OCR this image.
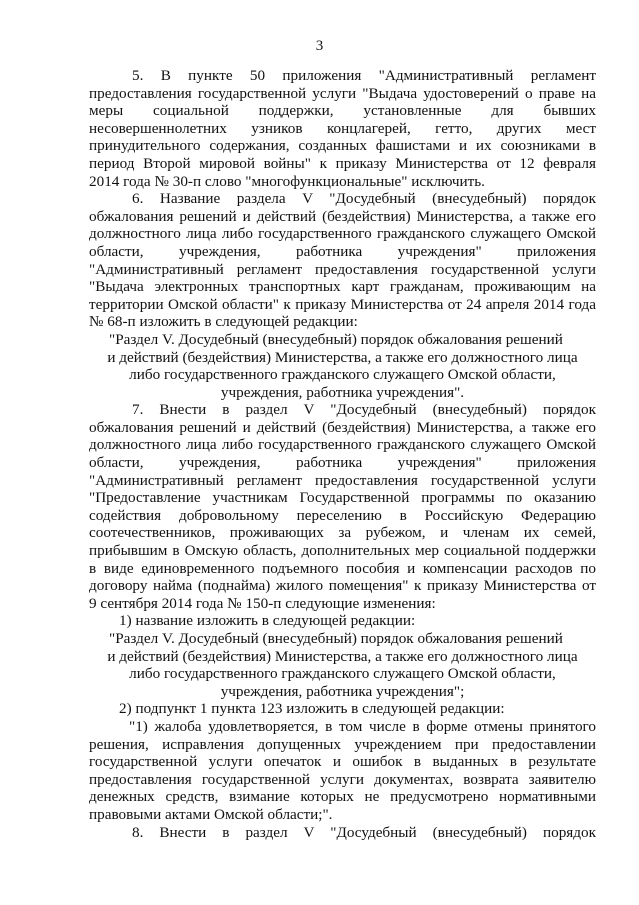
3
5. В пункте 50 приложения "Административный регламент
предоставления государственной услуги "Выдача удостоверений о праве на
меры социальной поддержки, установленные для бывших
несовершеннолетних узников концлагерей, гетто, других мест
принудительного содержания, созданных фашистами и их союзниками в
период Второй мировой войны" к приказу Министерства от 12 февраля
2014 года № 30-п слово "многофункциональные" исключить.
6. Название раздела V "Досудебный (внесудебный) порядок
обжалования решений и действий (бездействия) Министерства, а также его
должностного лица либо государственного гражданского служащего Омской
области, учреждения, работника учреждения" приложения
"Административный регламент предоставления государственной услуги
"Выдача электронных транспортных карт гражданам, проживающим на
территории Омской области" к приказу Министерства от 24 апреля 2014 года
№ 68-п изложить в следующей редакции:
"Раздел V. Досудебный (внесудебный) порядок обжалования решений
и действий (бездействия) Министерства, а также его должностного лица
либо государственного гражданского служащего Омской области,
учреждения, работника учреждения".
7. Внести в раздел V "Досудебный (внесудебный) порядок
обжалования решений и действий (бездействия) Министерства, а также его
должностного лица либо государственного гражданского служащего Омской
области, учреждения, работника учреждения" приложения
"Административный регламент предоставления государственной услуги
"Предоставление участникам Государственной программы по оказанию
содействия добровольному переселению в Российскую Федерацию
соотечественников, проживающих за рубежом, и членам их семей,
прибывшим в Омскую область, дополнительных мер социальной поддержки
в виде единовременного подъемного пособия и компенсации расходов по
договору найма (поднайма) жилого помещения" к приказу Министерства от
9 сентября 2014 года № 150-п следующие изменения:
1) название изложить в следующей редакции:
"Раздел V. Досудебный (внесудебный) порядок обжалования решений
и действий (бездействия) Министерства, а также его должностного лица
либо государственного гражданского служащего Омской области,
учреждения, работника учреждения";
2) подпункт 1 пункта 123 изложить в следующей редакции:
"1) жалоба удовлетворяется, в том числе в форме отмены принятого
решения, исправления допущенных учреждением при предоставлении
государственной услуги опечаток и ошибок в выданных в результате
предоставления государственной услуги документах, возврата заявителю
денежных средств, взимание которых не предусмотрено нормативными
правовыми актами Омской области;".
8. Внести в раздел V "Досудебный (внесудебный) порядок
